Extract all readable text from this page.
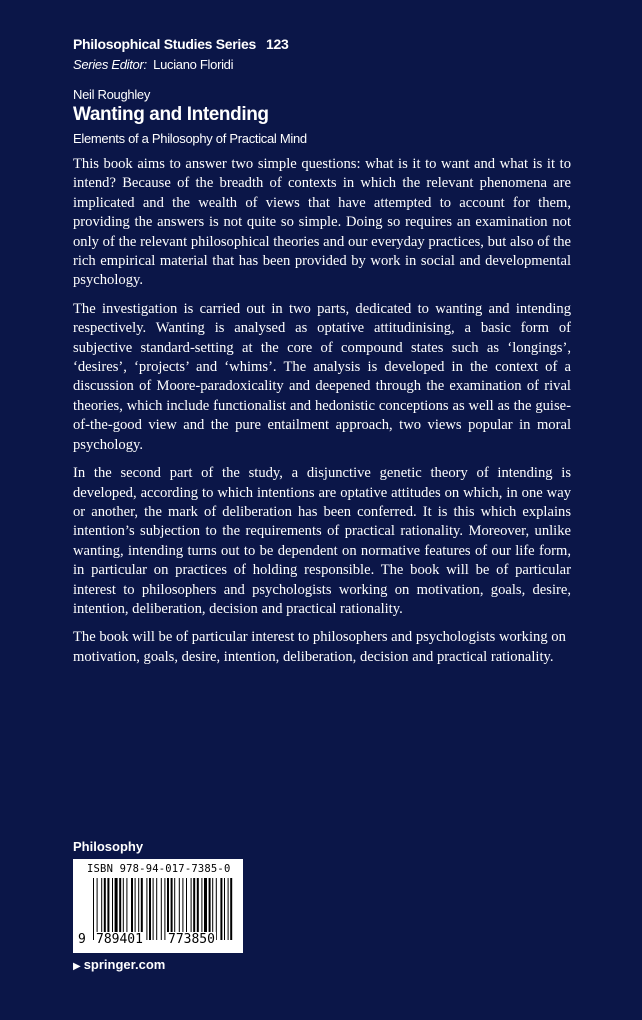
Philosophical Studies Series 123
Series Editor: Luciano Floridi
Neil Roughley
Wanting and Intending
Elements of a Philosophy of Practical Mind

This book aims to answer two simple questions: what is it to want and what is it to intend? Because of the breadth of contexts in which the relevant phenomena are implicated and the wealth of views that have attempted to account for them, providing the answers is not quite so simple. Doing so requires an examination not only of the relevant philosophical theories and our everyday practices, but also of the rich empirical material that has been provided by work in social and developmental psychology.

The investigation is carried out in two parts, dedicated to wanting and intending respectively. Wanting is analysed as optative attitudinising, a basic form of subjective standard-setting at the core of compound states such as ‘longings’, ‘desires’, ‘projects’ and ‘whims’. The analysis is developed in the context of a discussion of Moore-paradoxicality and deepened through the examination of rival theories, which include functionalist and hedonistic conceptions as well as the guise-of-the-good view and the pure entailment approach, two views popular in moral psychology.

In the second part of the study, a disjunctive genetic theory of intending is developed, according to which intentions are optative attitudes on which, in one way or another, the mark of deliberation has been conferred. It is this which explains intention’s subjection to the requirements of practical rationality. Moreover, unlike wanting, intending turns out to be dependent on normative features of our life form, in particular on practices of holding responsible. The book will be of particular interest to philosophers and psychologists working on motivation, goals, desire, intention, deliberation, decision and practical rationality.

The book will be of particular interest to philosophers and psychologists working on motivation, goals, desire, intention, deliberation, decision and practical rationality.

Philosophy
ISBN 978-94-017-7385-0
9 789401 773850
▶ springer.com
